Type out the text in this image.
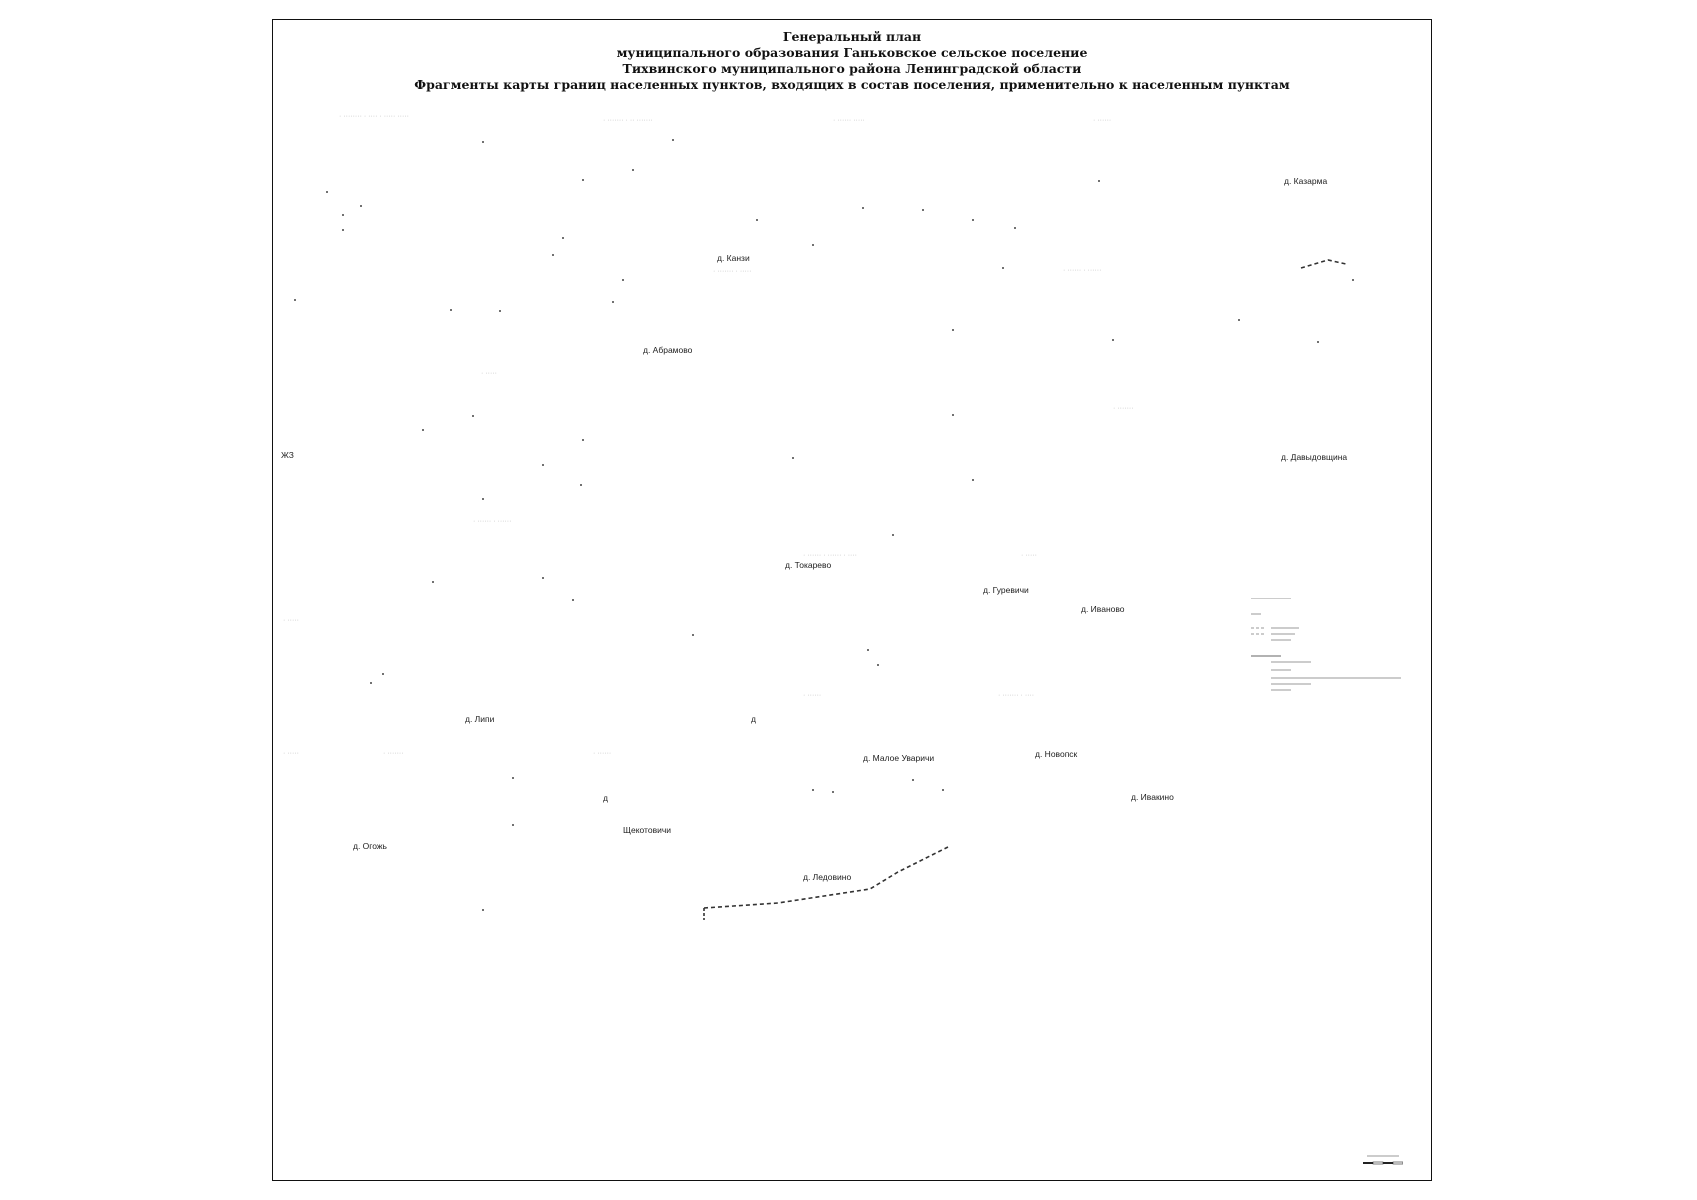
Генеральный план
муниципального образования Ганьковское сельское поселение
Тихвинского муниципального района Ленинградской области
Фрагменты карты границ населенных пунктов, входящих в состав поселения, применительно к населенным пунктам
· ········ · ···· · ····· ·····
· ······· · ·· ·······	· ······ ·····	· ······
· ······· · ·····	· ······ · ······
· ·····
· ·······
· ······ · ······
· ······ · ······ · ····	· ·····
· ·····
· ······	· ······· · ····
· ·····	· ·······	· ······
д. Казарма
д. Канзи
д. Абрамово
д. Давыдовщина
д. Токарево
д. Гуревичи
д. Иваново
д. Липи
д. Малое Уваричи	д. Новопск
д. Ивакино
Щекотовичи
д. Огожь
д. Ледовино
ЖЗ
д
д
